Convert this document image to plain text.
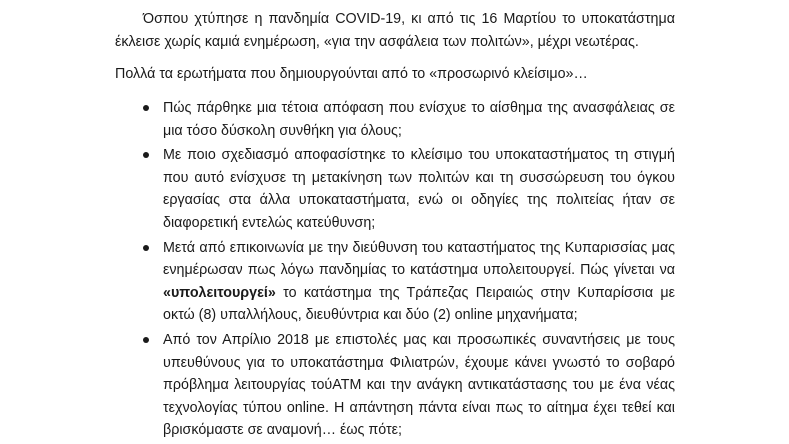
Όσπου χτύπησε η πανδημία COVID-19, κι από τις 16 Μαρτίου το υποκατάστημα έκλεισε χωρίς καμιά ενημέρωση, «για την ασφάλεια των πολιτών», μέχρι νεωτέρας.

Πολλά τα ερωτήματα που δημιουργούνται από το «προσωρινό κλείσιμο»…

Πώς πάρθηκε μια τέτοια απόφαση που ενίσχυε το αίσθημα της ανασφάλειας σε μια τόσο δύσκολη συνθήκη για όλους;
Με ποιο σχεδιασμό αποφασίστηκε το κλείσιμο του υποκαταστήματος τη στιγμή που αυτό ενίσχυσε τη μετακίνηση των πολιτών και τη συσσώρευση του όγκου εργασίας στα άλλα υποκαταστήματα, ενώ οι οδηγίες της πολιτείας ήταν σε διαφορετική εντελώς κατεύθυνση;
Μετά από επικοινωνία με την διεύθυνση του καταστήματος της Κυπαρισσίας μας ενημέρωσαν πως λόγω πανδημίας το κατάστημα υπολειτουργεί. Πώς γίνεται να «υπολειτουργεί» το κατάστημα της Τράπεζας Πειραιώς στην Κυπαρίσσια με οκτώ (8) υπαλλήλους, διευθύντρια και δύο (2) online μηχανήματα;
Από τον Απρίλιο 2018 με επιστολές μας και προσωπικές συναντήσεις με τους υπευθύνους για το υποκατάστημα Φιλιατρών, έχουμε κάνει γνωστό το σοβαρό πρόβλημα λειτουργίας τούΑΤΜ και την ανάγκη αντικατάστασης του με ένα νέας τεχνολογίας τύπου online. Η απάντηση πάντα είναι πως το αίτημα έχει τεθεί και βρισκόμαστε σε αναμονή… έως πότε;
